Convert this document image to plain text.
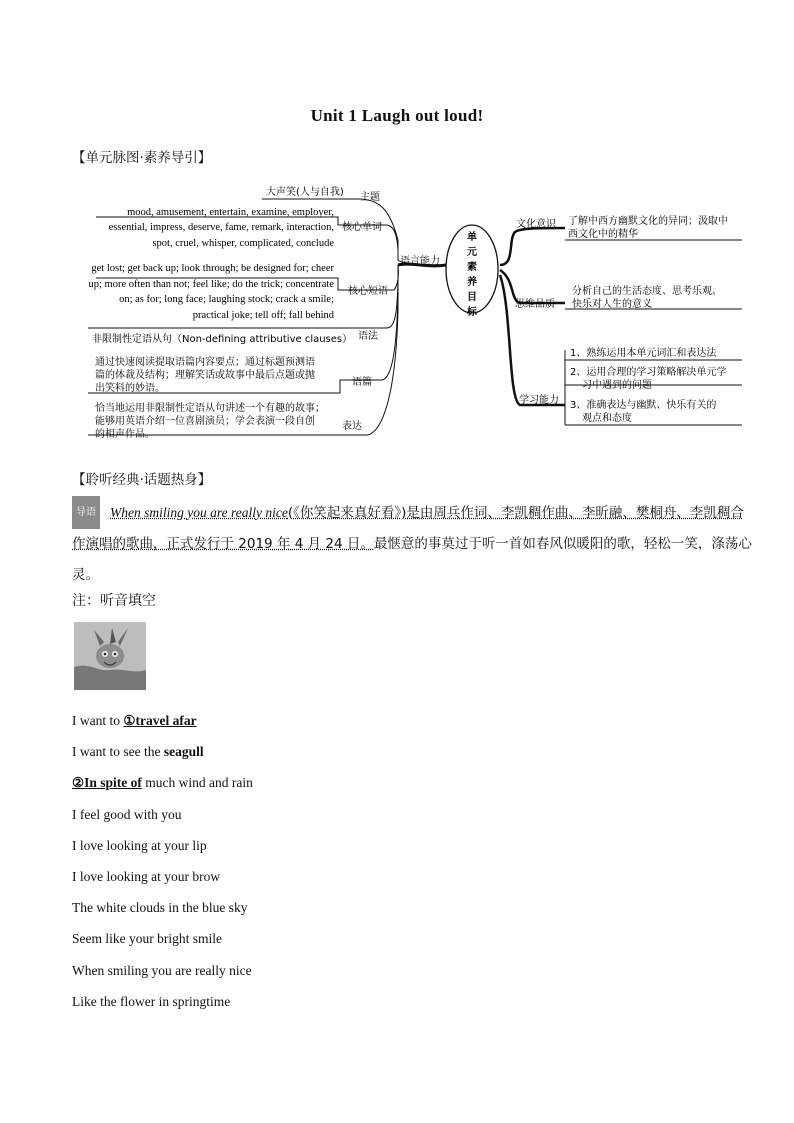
Unit 1 Laugh out loud!
【单元脉图·素养导引】
单
元
素
养
目
标
语言能力
大声笑(人与自我) 主题
mood, amusement, entertain, examine, employer,
essential, impress, deserve, fame, remark, interaction,
spot, cruel, whisper, complicated, conclude
核心单词
get lost; get back up; look through; be designed for; cheer
up; more often than not; feel like; do the trick; concentrate
on; as for; long face; laughing stock; crack a smile;
practical joke; tell off; fall behind
核心短语
非限制性定语从句（Non-defining attributive clauses） 语法
通过快速阅读提取语篇内容要点；通过标题预测语
篇的体裁及结构；理解笑话或故事中最后点题或抛
出笑料的妙语。
语篇
恰当地运用非限制性定语从句讲述一个有趣的故事；
能够用英语介绍一位喜剧演员；学会表演一段自创
的相声作品。
表达
文化意识 了解中西方幽默文化的异同；汲取中
西文化中的精华
思维品质
分析自己的生活态度、思考乐观、
快乐对人生的意义
学习能力
1、熟练运用本单元词汇和表达法
2、运用合理的学习策略解决单元学
习中遇到的问题
3、准确表达与幽默、快乐有关的
观点和态度
【聆听经典·话题热身】
导语 When smiling you are really nice(《你笑起来真好看》)是由周兵作词、李凯稠作曲、李昕融、樊桐舟、李凯稠合作演唱的歌曲，正式发行于 2019 年 4 月 24 日。最惬意的事莫过于听一首如春风似暖阳的歌，轻松一笑，涤荡心灵。
注：听音填空
I want to ①travel afar
I want to see the seagull
②In spite of much wind and rain
I feel good with you
I love looking at your lip
I love looking at your brow
The white clouds in the blue sky
Seem like your bright smile
When smiling you are really nice
Like the flower in springtime
